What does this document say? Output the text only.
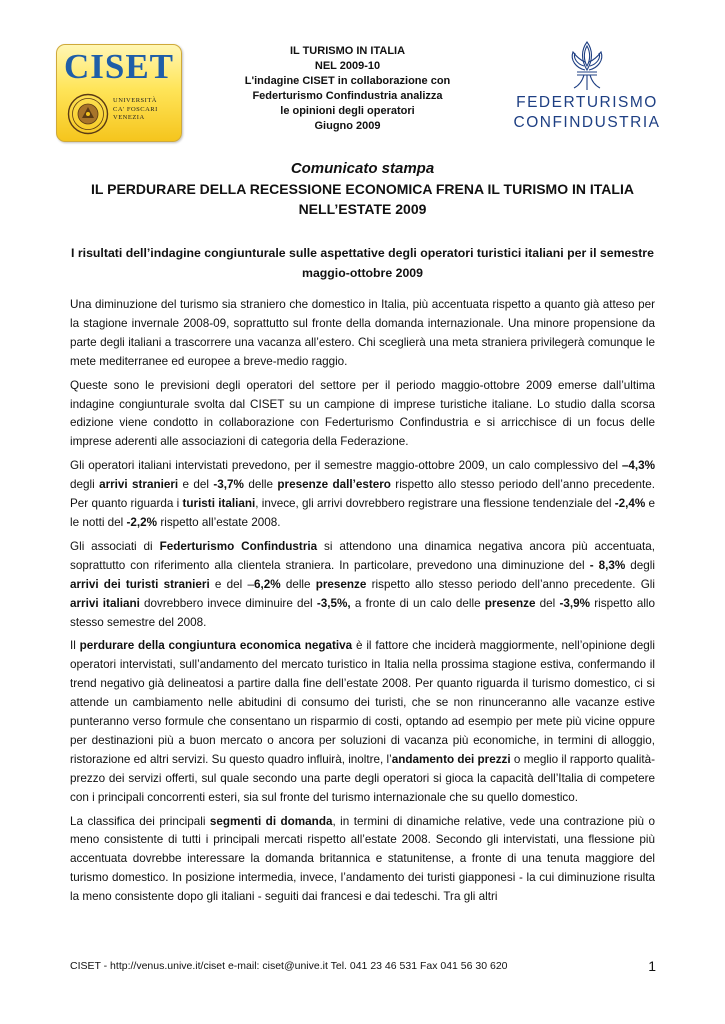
CISET
UNIVERSITÀ
CA' FOSCARI
VENEZIA
IL TURISMO IN ITALIA
NEL 2009-10
L'indagine CISET in collaborazione con
Federturismo Confindustria analizza
le opinioni degli operatori
Giugno 2009
FEDERTURISMO
CONFINDUSTRIA
Comunicato stampa
IL PERDURARE DELLA RECESSIONE ECONOMICA FRENA IL TURISMO IN ITALIA NELL’ESTATE 2009
I risultati dell’indagine congiunturale sulle aspettative degli operatori turistici italiani per il semestre maggio-ottobre 2009

Una diminuzione del turismo sia straniero che domestico in Italia, più accentuata rispetto a quanto già atteso per la stagione invernale 2008-09, soprattutto sul fronte della domanda internazionale. Una minore propensione da parte degli italiani a trascorrere una vacanza all’estero. Chi sceglierà una meta straniera privilegerà comunque le mete mediterranee ed europee a breve-medio raggio.

Queste sono le previsioni degli operatori del settore per il periodo maggio-ottobre 2009 emerse dall’ultima indagine congiunturale svolta dal CISET su un campione di imprese turistiche italiane. Lo studio dalla scorsa edizione viene condotto in collaborazione con Federturismo Confindustria e si arricchisce di un focus delle imprese aderenti alle associazioni di categoria della Federazione.

Gli operatori italiani intervistati prevedono, per il semestre maggio-ottobre 2009, un calo complessivo del –4,3% degli arrivi stranieri e del -3,7% delle presenze dall’estero rispetto allo stesso periodo dell’anno precedente. Per quanto riguarda i turisti italiani, invece, gli arrivi dovrebbero registrare una flessione tendenziale del -2,4% e le notti del -2,2% rispetto all’estate 2008.

Gli associati di Federturismo Confindustria si attendono una dinamica negativa ancora più accentuata, soprattutto con riferimento alla clientela straniera. In particolare, prevedono una diminuzione del - 8,3% degli arrivi dei turisti stranieri e del –6,2% delle presenze rispetto allo stesso periodo dell’anno precedente. Gli arrivi italiani dovrebbero invece diminuire del -3,5%, a fronte di un calo delle presenze del -3,9% rispetto allo stesso semestre del 2008.

Il perdurare della congiuntura economica negativa è il fattore che inciderà maggiormente, nell’opinione degli operatori intervistati, sull’andamento del mercato turistico in Italia nella prossima stagione estiva, confermando il trend negativo già delineatosi a partire dalla fine dell’estate 2008. Per quanto riguarda il turismo domestico, ci si attende un cambiamento nelle abitudini di consumo dei turisti, che se non rinunceranno alle vacanze estive punteranno verso formule che consentano un risparmio di costi, optando ad esempio per mete più vicine oppure per destinazioni più a buon mercato o ancora per soluzioni di vacanza più economiche, in termini di alloggio, ristorazione ed altri servizi. Su questo quadro influirà, inoltre, l’andamento dei prezzi o meglio il rapporto qualità-prezzo dei servizi offerti, sul quale secondo una parte degli operatori si gioca la capacità dell’Italia di competere con i principali concorrenti esteri, sia sul fronte del turismo internazionale che su quello domestico.

La classifica dei principali segmenti di domanda, in termini di dinamiche relative, vede una contrazione più o meno consistente di tutti i principali mercati rispetto all’estate 2008. Secondo gli intervistati, una flessione più accentuata dovrebbe interessare la domanda britannica e statunitense, a fronte di una tenuta maggiore del turismo domestico. In posizione intermedia, invece, l’andamento dei turisti giapponesi - la cui diminuzione risulta la meno consistente dopo gli italiani - seguiti dai francesi e dai tedeschi. Tra gli altri

CISET - http://venus.unive.it/ciset e-mail: ciset@unive.it Tel. 041 23 46 531 Fax 041 56 30 620	1
